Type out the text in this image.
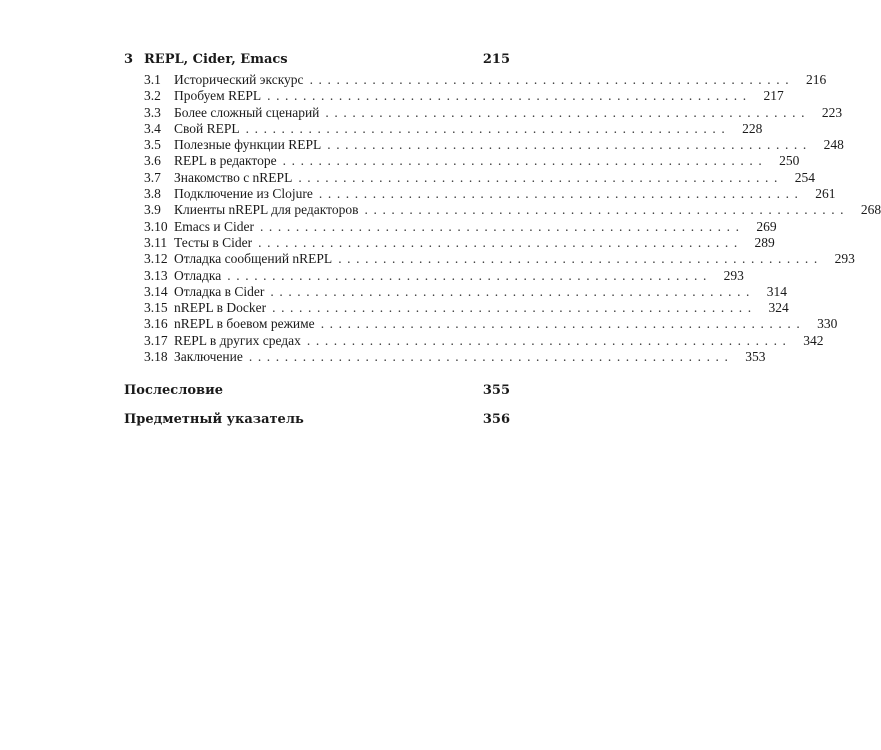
3 REPL, Cider, Emacs	215
3.1 Исторический экскурс ...................................................... 216
3.2 Пробуем REPL ...................................................... 217
3.3 Более сложный сценарий ...................................................... 223
3.4 Свой REPL ...................................................... 228
3.5 Полезные функции REPL ...................................................... 248
3.6 REPL в редакторе ...................................................... 250
3.7 Знакомство с nREPL ...................................................... 254
3.8 Подключение из Clojure ...................................................... 261
3.9 Клиенты nREPL для редакторов ...................................................... 268
3.10 Emacs и Cider ...................................................... 269
3.11 Тесты в Cider ...................................................... 289
3.12 Отладка сообщений nREPL ...................................................... 293
3.13 Отладка ...................................................... 293
3.14 Отладка в Cider ...................................................... 314
3.15 nREPL в Docker ...................................................... 324
3.16 nREPL в боевом режиме ...................................................... 330
3.17 REPL в других средах ...................................................... 342
3.18 Заключение ...................................................... 353
Послесловие	355
Предметный указатель	356
